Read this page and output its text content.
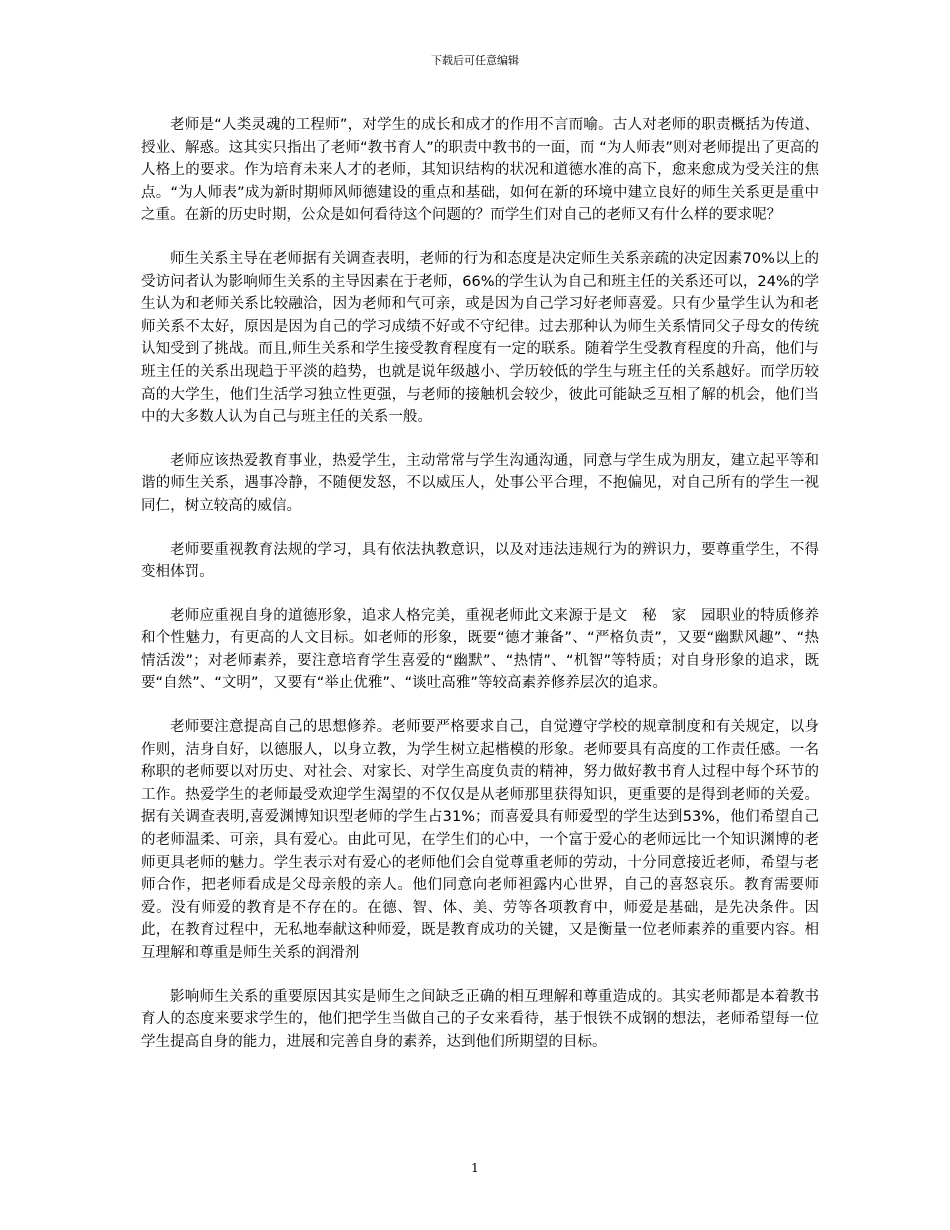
下载后可任意编辑

老师是“人类灵魂的工程师”，对学生的成长和成才的作用不言而喻。古人对老师的职责概括为传道、授业、解惑。这其实只指出了老师“教书育人”的职责中教书的一面，而 “为人师表”则对老师提出了更高的人格上的要求。作为培育未来人才的老师，其知识结构的状况和道德水准的高下，愈来愈成为受关注的焦点。“为人师表”成为新时期师风师德建设的重点和基础，如何在新的环境中建立良好的师生关系更是重中之重。在新的历史时期，公众是如何看待这个问题的？而学生们对自己的老师又有什么样的要求呢？

师生关系主导在老师据有关调查表明，老师的行为和态度是决定师生关系亲疏的决定因素70%以上的受访问者认为影响师生关系的主导因素在于老师，66%的学生认为自己和班主任的关系还可以，24%的学生认为和老师关系比较融洽，因为老师和气可亲，或是因为自己学习好老师喜爱。只有少量学生认为和老师关系不太好，原因是因为自己的学习成绩不好或不守纪律。过去那种认为师生关系情同父子母女的传统认知受到了挑战。而且,师生关系和学生接受教育程度有一定的联系。随着学生受教育程度的升高，他们与班主任的关系出现趋于平淡的趋势，也就是说年级越小、学历较低的学生与班主任的关系越好。而学历较高的大学生，他们生活学习独立性更强，与老师的接触机会较少，彼此可能缺乏互相了解的机会，他们当中的大多数人认为自己与班主任的关系一般。

老师应该热爱教育事业，热爱学生，主动常常与学生沟通沟通，同意与学生成为朋友，建立起平等和谐的师生关系，遇事冷静，不随便发怒，不以威压人，处事公平合理，不抱偏见，对自己所有的学生一视同仁，树立较高的威信。

老师要重视教育法规的学习，具有依法执教意识，以及对违法违规行为的辨识力，要尊重学生，不得变相体罚。

老师应重视自身的道德形象，追求人格完美，重视老师此文来源于是文　秘　家　园职业的特质修养和个性魅力，有更高的人文目标。如老师的形象，既要“德才兼备”、“严格负责”，又要“幽默风趣”、“热情活泼”；对老师素养，要注意培育学生喜爱的“幽默”、“热情”、“机智”等特质；对自身形象的追求，既要“自然”、“文明”，又要有“举止优雅”、“谈吐高雅”等较高素养修养层次的追求。

老师要注意提高自己的思想修养。老师要严格要求自己，自觉遵守学校的规章制度和有关规定，以身作则，洁身自好，以德服人，以身立教，为学生树立起楷模的形象。老师要具有高度的工作责任感。一名称职的老师要以对历史、对社会、对家长、对学生高度负责的精神，努力做好教书育人过程中每个环节的工作。热爱学生的老师最受欢迎学生渴望的不仅仅是从老师那里获得知识，更重要的是得到老师的关爱。据有关调查表明,喜爱渊博知识型老师的学生占31%；而喜爱具有师爱型的学生达到53%，他们希望自己的老师温柔、可亲，具有爱心。由此可见，在学生们的心中，一个富于爱心的老师远比一个知识渊博的老师更具老师的魅力。学生表示对有爱心的老师他们会自觉尊重老师的劳动，十分同意接近老师，希望与老师合作，把老师看成是父母亲般的亲人。他们同意向老师袒露内心世界，自己的喜怒哀乐。教育需要师爱。没有师爱的教育是不存在的。在德、智、体、美、劳等各项教育中，师爱是基础，是先决条件。因此，在教育过程中，无私地奉献这种师爱，既是教育成功的关键，又是衡量一位老师素养的重要内容。相互理解和尊重是师生关系的润滑剂

影响师生关系的重要原因其实是师生之间缺乏正确的相互理解和尊重造成的。其实老师都是本着教书育人的态度来要求学生的，他们把学生当做自己的子女来看待，基于恨铁不成钢的想法，老师希望每一位学生提高自身的能力，进展和完善自身的素养，达到他们所期望的目标。

1
